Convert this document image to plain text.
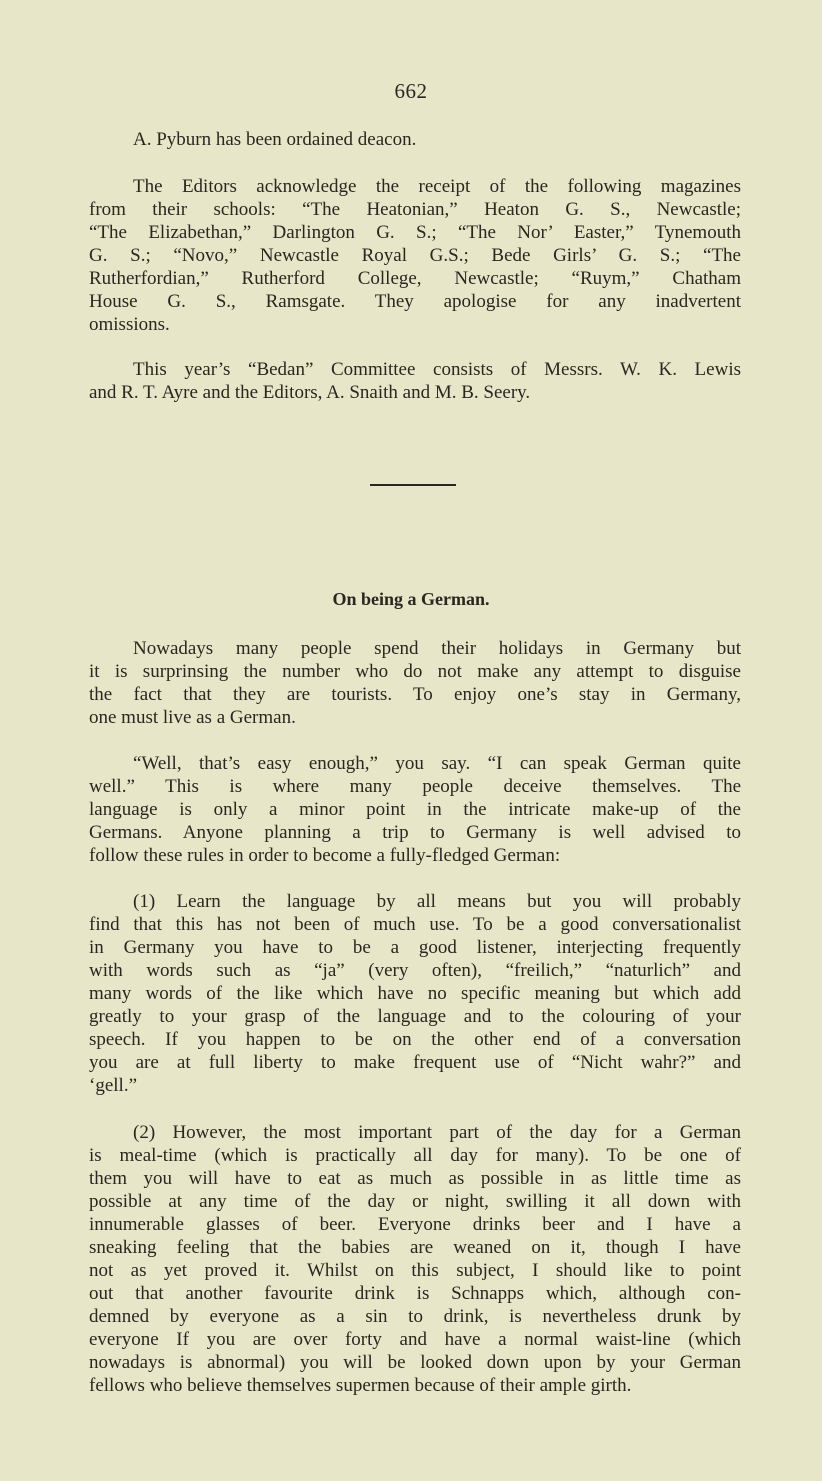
662
A. Pyburn has been ordained deacon.
The Editors acknowledge the receipt of the following magazines
from their schools: “The Heatonian,” Heaton G. S., Newcastle;
“The Elizabethan,” Darlington G. S.; “The Nor’ Easter,” Tynemouth
G. S.; “Novo,” Newcastle Royal G.S.; Bede Girls’ G. S.; “The
Rutherfordian,” Rutherford College, Newcastle; “Ruym,” Chatham
House G. S., Ramsgate. They apologise for any inadvertent
omissions.
This year’s “Bedan” Committee consists of Messrs. W. K. Lewis
and R. T. Ayre and the Editors, A. Snaith and M. B. Seery.
On being a German.
Nowadays many people spend their holidays in Germany but
it is surprinsing the number who do not make any attempt to disguise
the fact that they are tourists. To enjoy one’s stay in Germany,
one must live as a German.
“Well, that’s easy enough,” you say. “I can speak German quite
well.” This is where many people deceive themselves. The
language is only a minor point in the intricate make-up of the
Germans. Anyone planning a trip to Germany is well advised to
follow these rules in order to become a fully-fledged German:
(1) Learn the language by all means but you will probably
find that this has not been of much use. To be a good conversationalist
in Germany you have to be a good listener, interjecting frequently
with words such as “ja” (very often), “freilich,” “naturlich” and
many words of the like which have no specific meaning but which add
greatly to your grasp of the language and to the colouring of your
speech. If you happen to be on the other end of a conversation
you are at full liberty to make frequent use of “Nicht wahr?” and
‘gell.”
(2) However, the most important part of the day for a German
is meal-time (which is practically all day for many). To be one of
them you will have to eat as much as possible in as little time as
possible at any time of the day or night, swilling it all down with
innumerable glasses of beer. Everyone drinks beer and I have a
sneaking feeling that the babies are weaned on it, though I have
not as yet proved it. Whilst on this subject, I should like to point
out that another favourite drink is Schnapps which, although con-
demned by everyone as a sin to drink, is nevertheless drunk by
everyone If you are over forty and have a normal waist-line (which
nowadays is abnormal) you will be looked down upon by your German
fellows who believe themselves supermen because of their ample girth.
